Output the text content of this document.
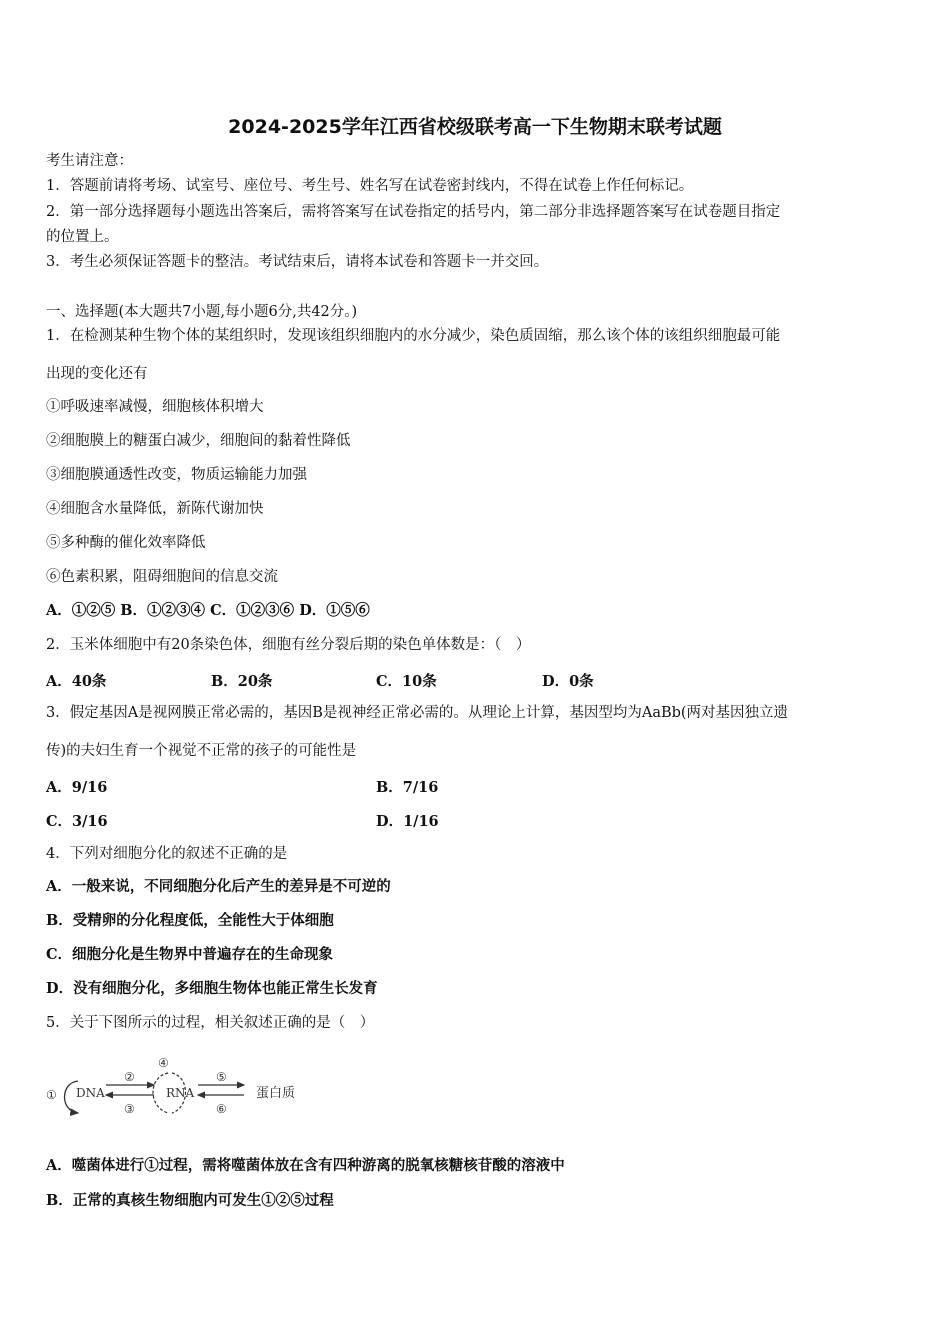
2024-2025学年江西省校级联考高一下生物期末联考试题
考生请注意：
1．答题前请将考场、试室号、座位号、考生号、姓名写在试卷密封线内，不得在试卷上作任何标记。
2．第一部分选择题每小题选出答案后，需将答案写在试卷指定的括号内，第二部分非选择题答案写在试卷题目指定
的位置上。
3．考生必须保证答题卡的整洁。考试结束后，请将本试卷和答题卡一并交回。
一、选择题(本大题共7小题,每小题6分,共42分。)
1．在检测某种生物个体的某组织时，发现该组织细胞内的水分减少，染色质固缩，那么该个体的该组织细胞最可能
出现的变化还有
①呼吸速率减慢，细胞核体积增大
②细胞膜上的糖蛋白减少，细胞间的黏着性降低
③细胞膜通透性改变，物质运输能力加强
④细胞含水量降低，新陈代谢加快
⑤多种酶的催化效率降低
⑥色素积累，阻碍细胞间的信息交流
A．①②⑤ B．①②③④ C．①②③⑥ D．①⑤⑥
2．玉米体细胞中有20条染色体，细胞有丝分裂后期的染色单体数是：（　）
A．40条	B．20条	C．10条	D．0条
3．假定基因A是视网膜正常必需的，基因B是视神经正常必需的。从理论上计算，基因型均为AaBb(两对基因独立遗
传)的夫妇生育一个视觉不正常的孩子的可能性是
A．9/16	B．7/16
C．3/16	D．1/16
4．下列对细胞分化的叙述不正确的是
A．一般来说，不同细胞分化后产生的差异是不可逆的
B．受精卵的分化程度低，全能性大于体细胞
C．细胞分化是生物界中普遍存在的生命现象
D．没有细胞分化，多细胞生物体也能正常生长发育
5．关于下图所示的过程，相关叙述正确的是（　）
① DNA
②
③
④
RNA
⑤
⑥
蛋白质
A．噬菌体进行①过程，需将噬菌体放在含有四种游离的脱氧核糖核苷酸的溶液中
B．正常的真核生物细胞内可发生①②⑤过程
